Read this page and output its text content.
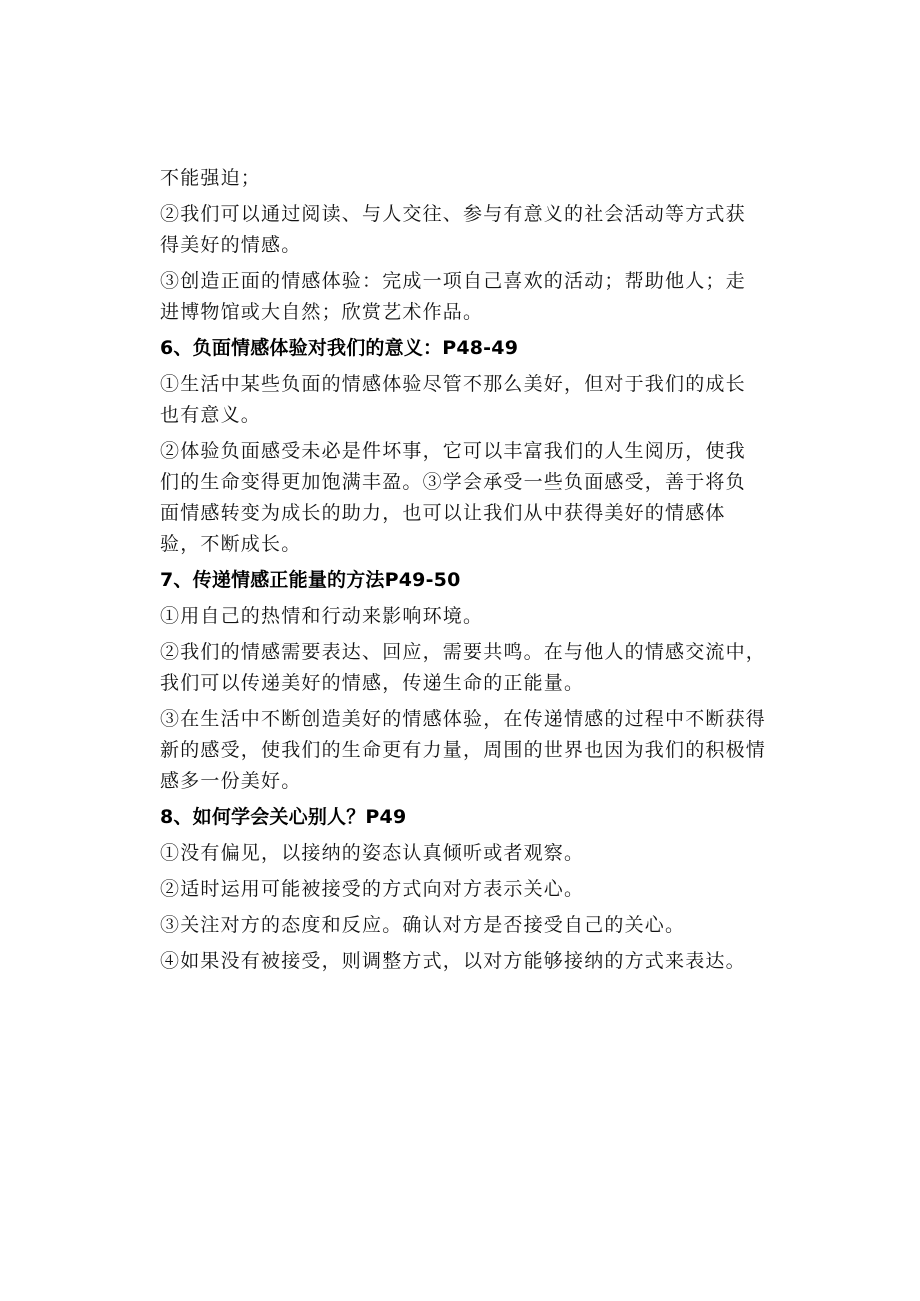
不能强迫；

②我们可以通过阅读、与人交往、参与有意义的社会活动等方式获

得美好的情感。

③创造正面的情感体验：完成一项自己喜欢的活动；帮助他人；走

进博物馆或大自然；欣赏艺术作品。

6、负面情感体验对我们的意义：P48-49

①生活中某些负面的情感体验尽管不那么美好，但对于我们的成长

也有意义。

②体验负面感受未必是件坏事，它可以丰富我们的人生阅历，使我

们的生命变得更加饱满丰盈。③学会承受一些负面感受，善于将负

面情感转变为成长的助力，也可以让我们从中获得美好的情感体

验，不断成长。

7、传递情感正能量的方法P49-50

①用自己的热情和行动来影响环境。

②我们的情感需要表达、回应，需要共鸣。在与他人的情感交流中，

我们可以传递美好的情感，传递生命的正能量。

③在生活中不断创造美好的情感体验，在传递情感的过程中不断获得

新的感受，使我们的生命更有力量，周围的世界也因为我们的积极情

感多一份美好。

8、如何学会关心别人？P49

①没有偏见，以接纳的姿态认真倾听或者观察。

②适时运用可能被接受的方式向对方表示关心。

③关注对方的态度和反应。确认对方是否接受自己的关心。

④如果没有被接受，则调整方式，以对方能够接纳的方式来表达。
